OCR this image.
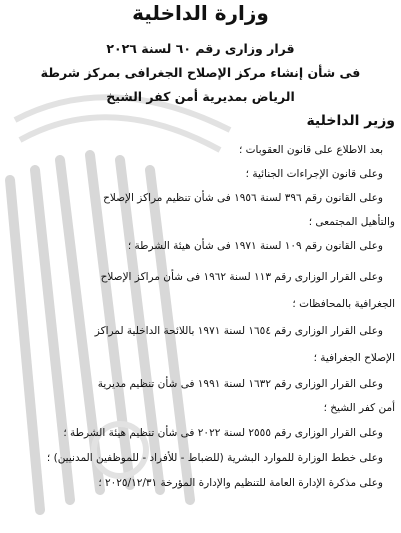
وزارة الداخلية
قرار وزارى رقم ٦٠ لسنة ٢٠٢٦
فى شأن إنشاء مركز الإصلاح الجغرافى بمركز شرطة
الرياض بمديرية أمن كفر الشيخ
وزير الداخلية
بعد الاطلاع على قانون العقوبات ؛
وعلى قانون الإجراءات الجنائية ؛
وعلى القانون رقم ٣٩٦ لسنة ١٩٥٦ فى شأن تنظيم مراكز الإصلاح
والتأهيل المجتمعى ؛
وعلى القانون رقم ١٠٩ لسنة ١٩٧١ فى شأن هيئة الشرطة ؛
وعلى القرار الوزارى رقم ١١٣ لسنة ١٩٦٢ فى شأن مراكز الإصلاح
الجغرافية بالمحافظات ؛
وعلى القرار الوزارى رقم ١٦٥٤ لسنة ١٩٧١ باللائحة الداخلية لمراكز
الإصلاح الجغرافية ؛
وعلى القرار الوزارى رقم ١٦٣٢ لسنة ١٩٩١ فى شأن تنظيم مديرية
أمن كفر الشيخ ؛
وعلى القرار الوزارى رقم ٢٥٥٥ لسنة ٢٠٢٢ فى شأن تنظيم هيئة الشرطة ؛
وعلى خطط الوزارة للموارد البشرية (للضباط - للأفراد - للموظفين المدنيين) ؛
وعلى مذكرة الإدارة العامة للتنظيم والإدارة المؤرخة ٢٠٢٥/١٢/٣١ ؛
